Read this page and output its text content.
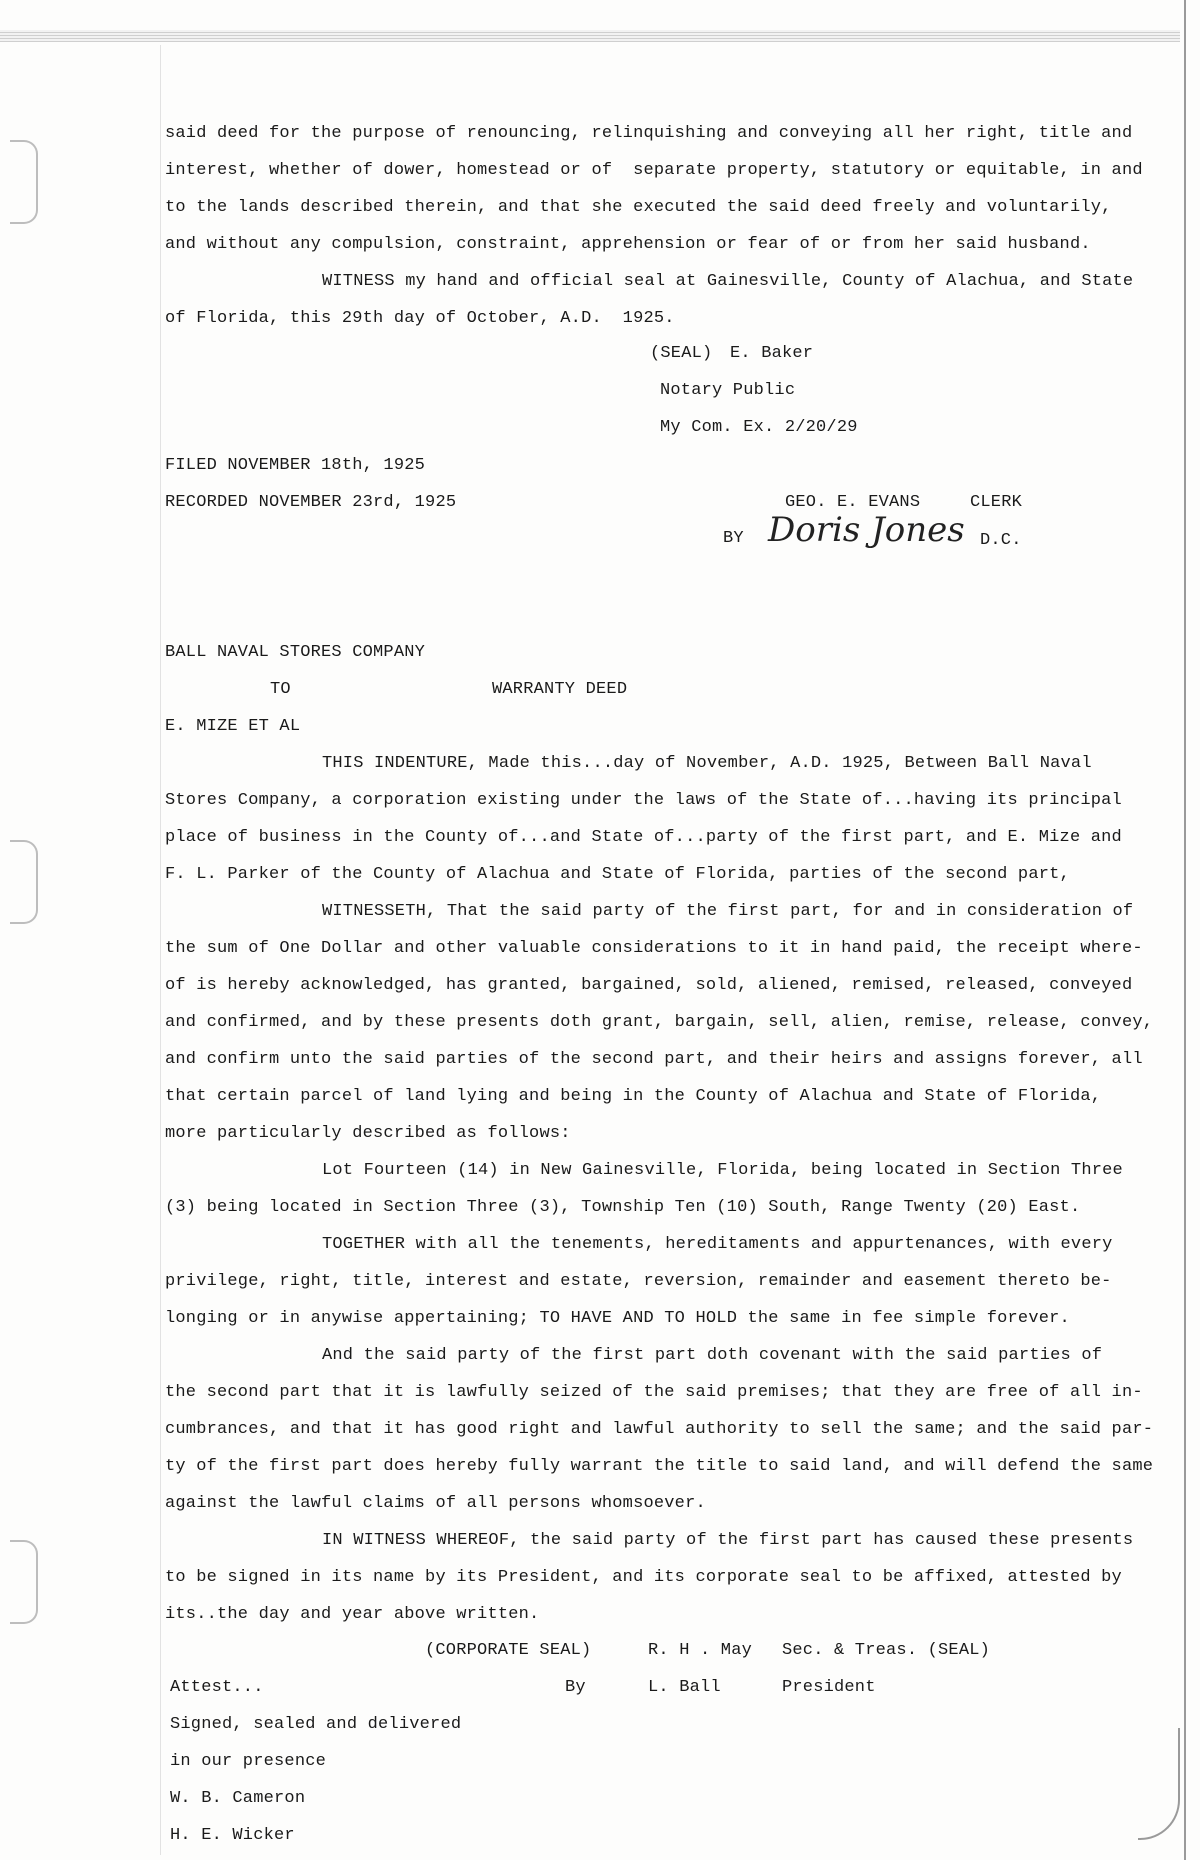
said deed for the purpose of renouncing, relinquishing and conveying all her right, title and
interest, whether of dower, homestead or of  separate property, statutory or equitable, in and
to the lands described therein, and that she executed the said deed freely and voluntarily,
and without any compulsion, constraint, apprehension or fear of or from her said husband.
WITNESS my hand and official seal at Gainesville, County of Alachua, and State
of Florida, this 29th day of October, A.D.  1925.
(SEAL) E. Baker
Notary Public
My Com. Ex. 2/20/29
FILED NOVEMBER 18th, 1925
RECORDED NOVEMBER 23rd, 1925	GEO. E. EVANS	CLERK
BY Doris Jones D.C.
BALL NAVAL STORES COMPANY
TO	WARRANTY DEED
E. MIZE ET AL
THIS INDENTURE, Made this...day of November, A.D. 1925, Between Ball Naval
Stores Company, a corporation existing under the laws of the State of...having its principal
place of business in the County of...and State of...party of the first part, and E. Mize and
F. L. Parker of the County of Alachua and State of Florida, parties of the second part,
WITNESSETH, That the said party of the first part, for and in consideration of
the sum of One Dollar and other valuable considerations to it in hand paid, the receipt where-
of is hereby acknowledged, has granted, bargained, sold, aliened, remised, released, conveyed
and confirmed, and by these presents doth grant, bargain, sell, alien, remise, release, convey,
and confirm unto the said parties of the second part, and their heirs and assigns forever, all
that certain parcel of land lying and being in the County of Alachua and State of Florida,
more particularly described as follows:
Lot Fourteen (14) in New Gainesville, Florida, being located in Section Three
(3) being located in Section Three (3), Township Ten (10) South, Range Twenty (20) East.
TOGETHER with all the tenements, hereditaments and appurtenances, with every
privilege, right, title, interest and estate, reversion, remainder and easement thereto be-
longing or in anywise appertaining; TO HAVE AND TO HOLD the same in fee simple forever.
And the said party of the first part doth covenant with the said parties of
the second part that it is lawfully seized of the said premises; that they are free of all in-
cumbrances, and that it has good right and lawful authority to sell the same; and the said par-
ty of the first part does hereby fully warrant the title to said land, and will defend the same
against the lawful claims of all persons whomsoever.
IN WITNESS WHEREOF, the said party of the first part has caused these presents
to be signed in its name by its President, and its corporate seal to be affixed, attested by
its..the day and year above written.
(CORPORATE SEAL)	R. H . May Sec. & Treas. (SEAL)
Attest...	By	L. Ball	President
Signed, sealed and delivered
in our presence
W. B. Cameron
H. E. Wicker
